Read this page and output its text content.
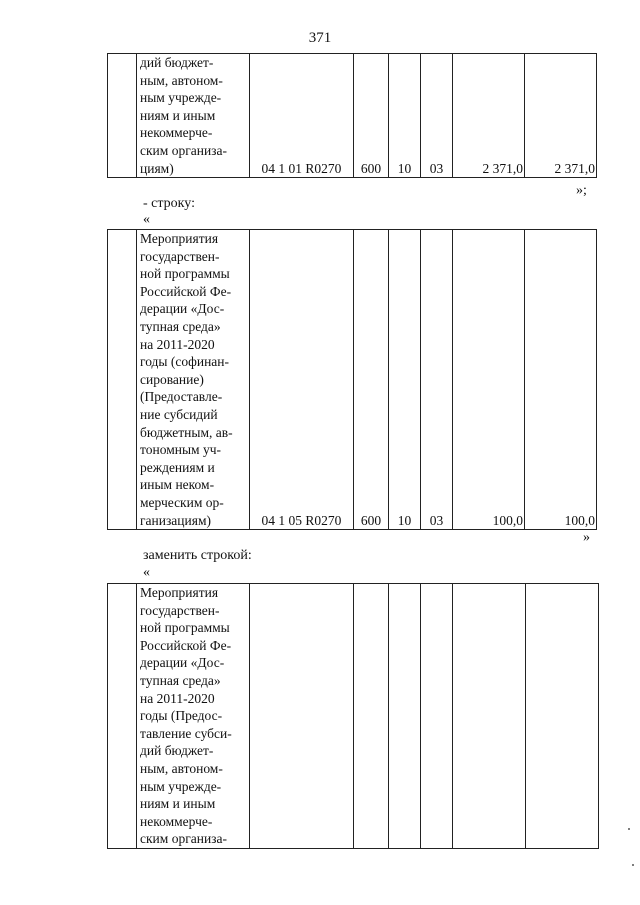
371

дий бюджет-
ным, автоном-
ным учрежде-
ниям и иным
некоммерче-
ским организа-
циям)	04 1 01 R0270	600	10	03	2 371,0	2 371,0
»;
- строку:
«

Мероприятия
государствен-
ной программы
Российской Фе-
дерации «Дос-
тупная среда»
на 2011-2020
годы (софинан-
сирование)
(Предоставле-
ние субсидий
бюджетным, ав-
тономным уч-
реждениям и
иным неком-
мерческим ор-
ганизациям)	04 1 05 R0270	600	10	03	100,0	100,0
»
заменить строкой:
«

Мероприятия
государствен-
ной программы
Российской Фе-
дерации «Дос-
тупная среда»
на 2011-2020
годы (Предос-
тавление субси-
дий бюджет-
ным, автоном-
ным учрежде-
ниям и иным
некоммерче-
ским организа-
